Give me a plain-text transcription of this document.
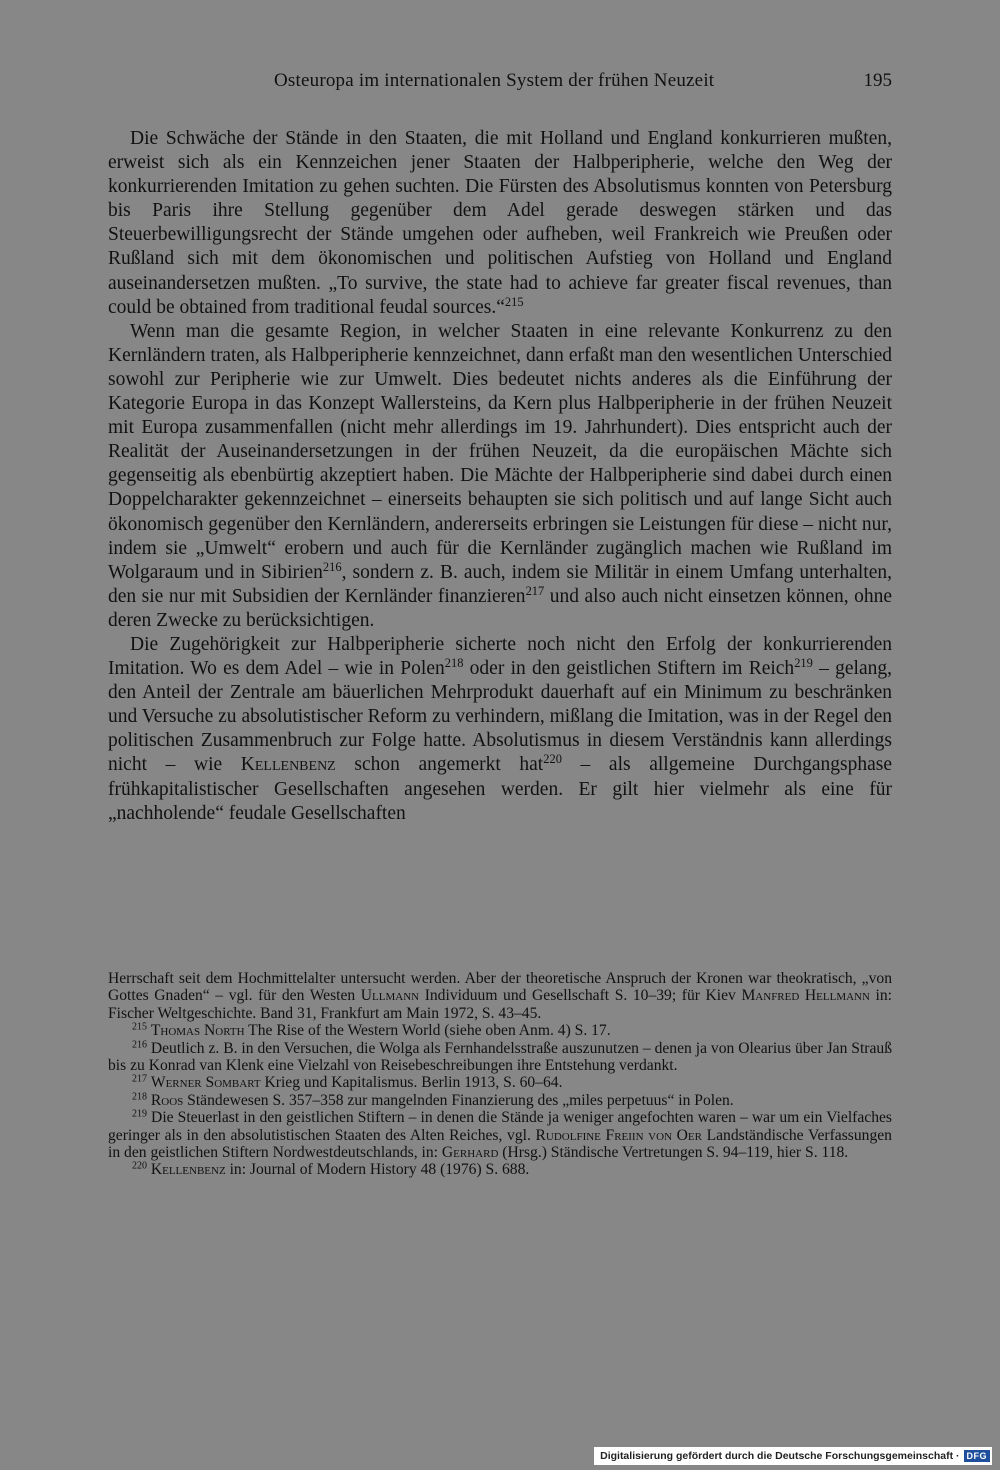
Osteuropa im internationalen System der frühen Neuzeit	195

Die Schwäche der Stände in den Staaten, die mit Holland und England konkurrieren mußten, erweist sich als ein Kennzeichen jener Staaten der Halbperipherie, welche den Weg der konkurrierenden Imitation zu gehen suchten. Die Fürsten des Absolutismus konnten von Petersburg bis Paris ihre Stellung gegenüber dem Adel gerade deswegen stärken und das Steuerbewilligungsrecht der Stände umgehen oder aufheben, weil Frankreich wie Preußen oder Rußland sich mit dem ökonomischen und politischen Aufstieg von Holland und England auseinandersetzen mußten. „To survive, the state had to achieve far greater fiscal revenues, than could be obtained from traditional feudal sources.“$^{215}$

Wenn man die gesamte Region, in welcher Staaten in eine relevante Konkurrenz zu den Kernländern traten, als Halbperipherie kennzeichnet, dann erfaßt man den wesentlichen Unterschied sowohl zur Peripherie wie zur Umwelt. Dies bedeutet nichts anderes als die Einführung der Kategorie Europa in das Konzept Wallersteins, da Kern plus Halbperipherie in der frühen Neuzeit mit Europa zusammenfallen (nicht mehr allerdings im 19. Jahrhundert). Dies entspricht auch der Realität der Auseinandersetzungen in der frühen Neuzeit, da die europäischen Mächte sich gegenseitig als ebenbürtig akzeptiert haben. Die Mächte der Halbperipherie sind dabei durch einen Doppelcharakter gekennzeichnet – einerseits behaupten sie sich politisch und auf lange Sicht auch ökonomisch gegenüber den Kernländern, andererseits erbringen sie Leistungen für diese – nicht nur, indem sie „Umwelt“ erobern und auch für die Kernländer zugänglich machen wie Rußland im Wolgaraum und in Sibirien$^{216}$, sondern z. B. auch, indem sie Militär in einem Umfang unterhalten, den sie nur mit Subsidien der Kernländer finanzieren$^{217}$ und also auch nicht einsetzen können, ohne deren Zwecke zu berücksichtigen.

Die Zugehörigkeit zur Halbperipherie sicherte noch nicht den Erfolg der konkurrierenden Imitation. Wo es dem Adel – wie in Polen$^{218}$ oder in den geistlichen Stiftern im Reich$^{219}$ – gelang, den Anteil der Zentrale am bäuerlichen Mehrprodukt dauerhaft auf ein Minimum zu beschränken und Versuche zu absolutistischer Reform zu verhindern, mißlang die Imitation, was in der Regel den politischen Zusammenbruch zur Folge hatte. Absolutismus in diesem Verständnis kann allerdings nicht – wie Kellenbenz schon angemerkt hat$^{220}$ – als allgemeine Durchgangsphase frühkapitalistischer Gesellschaften angesehen werden. Er gilt hier vielmehr als eine für „nachholende“ feudale Gesellschaften

Herrschaft seit dem Hochmittelalter untersucht werden. Aber der theoretische Anspruch der Kronen war theokratisch, „von Gottes Gnaden“ – vgl. für den Westen Ullmann Individuum und Gesellschaft S. 10–39; für Kiev Manfred Hellmann in: Fischer Weltgeschichte. Band 31, Frankfurt am Main 1972, S. 43–45.

$^{215}$ Thomas North The Rise of the Western World (siehe oben Anm. 4) S. 17.

$^{216}$ Deutlich z. B. in den Versuchen, die Wolga als Fernhandelsstraße auszunutzen – denen ja von Olearius über Jan Strauß bis zu Konrad van Klenk eine Vielzahl von Reisebeschreibungen ihre Entstehung verdankt.

$^{217}$ Werner Sombart Krieg und Kapitalismus. Berlin 1913, S. 60–64.

$^{218}$ Roos Ständewesen S. 357–358 zur mangelnden Finanzierung des „miles perpetuus“ in Polen.

$^{219}$ Die Steuerlast in den geistlichen Stiftern – in denen die Stände ja weniger angefochten waren – war um ein Vielfaches geringer als in den absolutistischen Staaten des Alten Reiches, vgl. Rudolfine Freiin von Oer Landständische Verfassungen in den geistlichen Stiftern Nordwestdeutschlands, in: Gerhard (Hrsg.) Ständische Vertretungen S. 94–119, hier S. 118.

$^{220}$ Kellenbenz in: Journal of Modern History 48 (1976) S. 688.

Digitalisierung gefördert durch die Deutsche Forschungsgemeinschaft · DFG
